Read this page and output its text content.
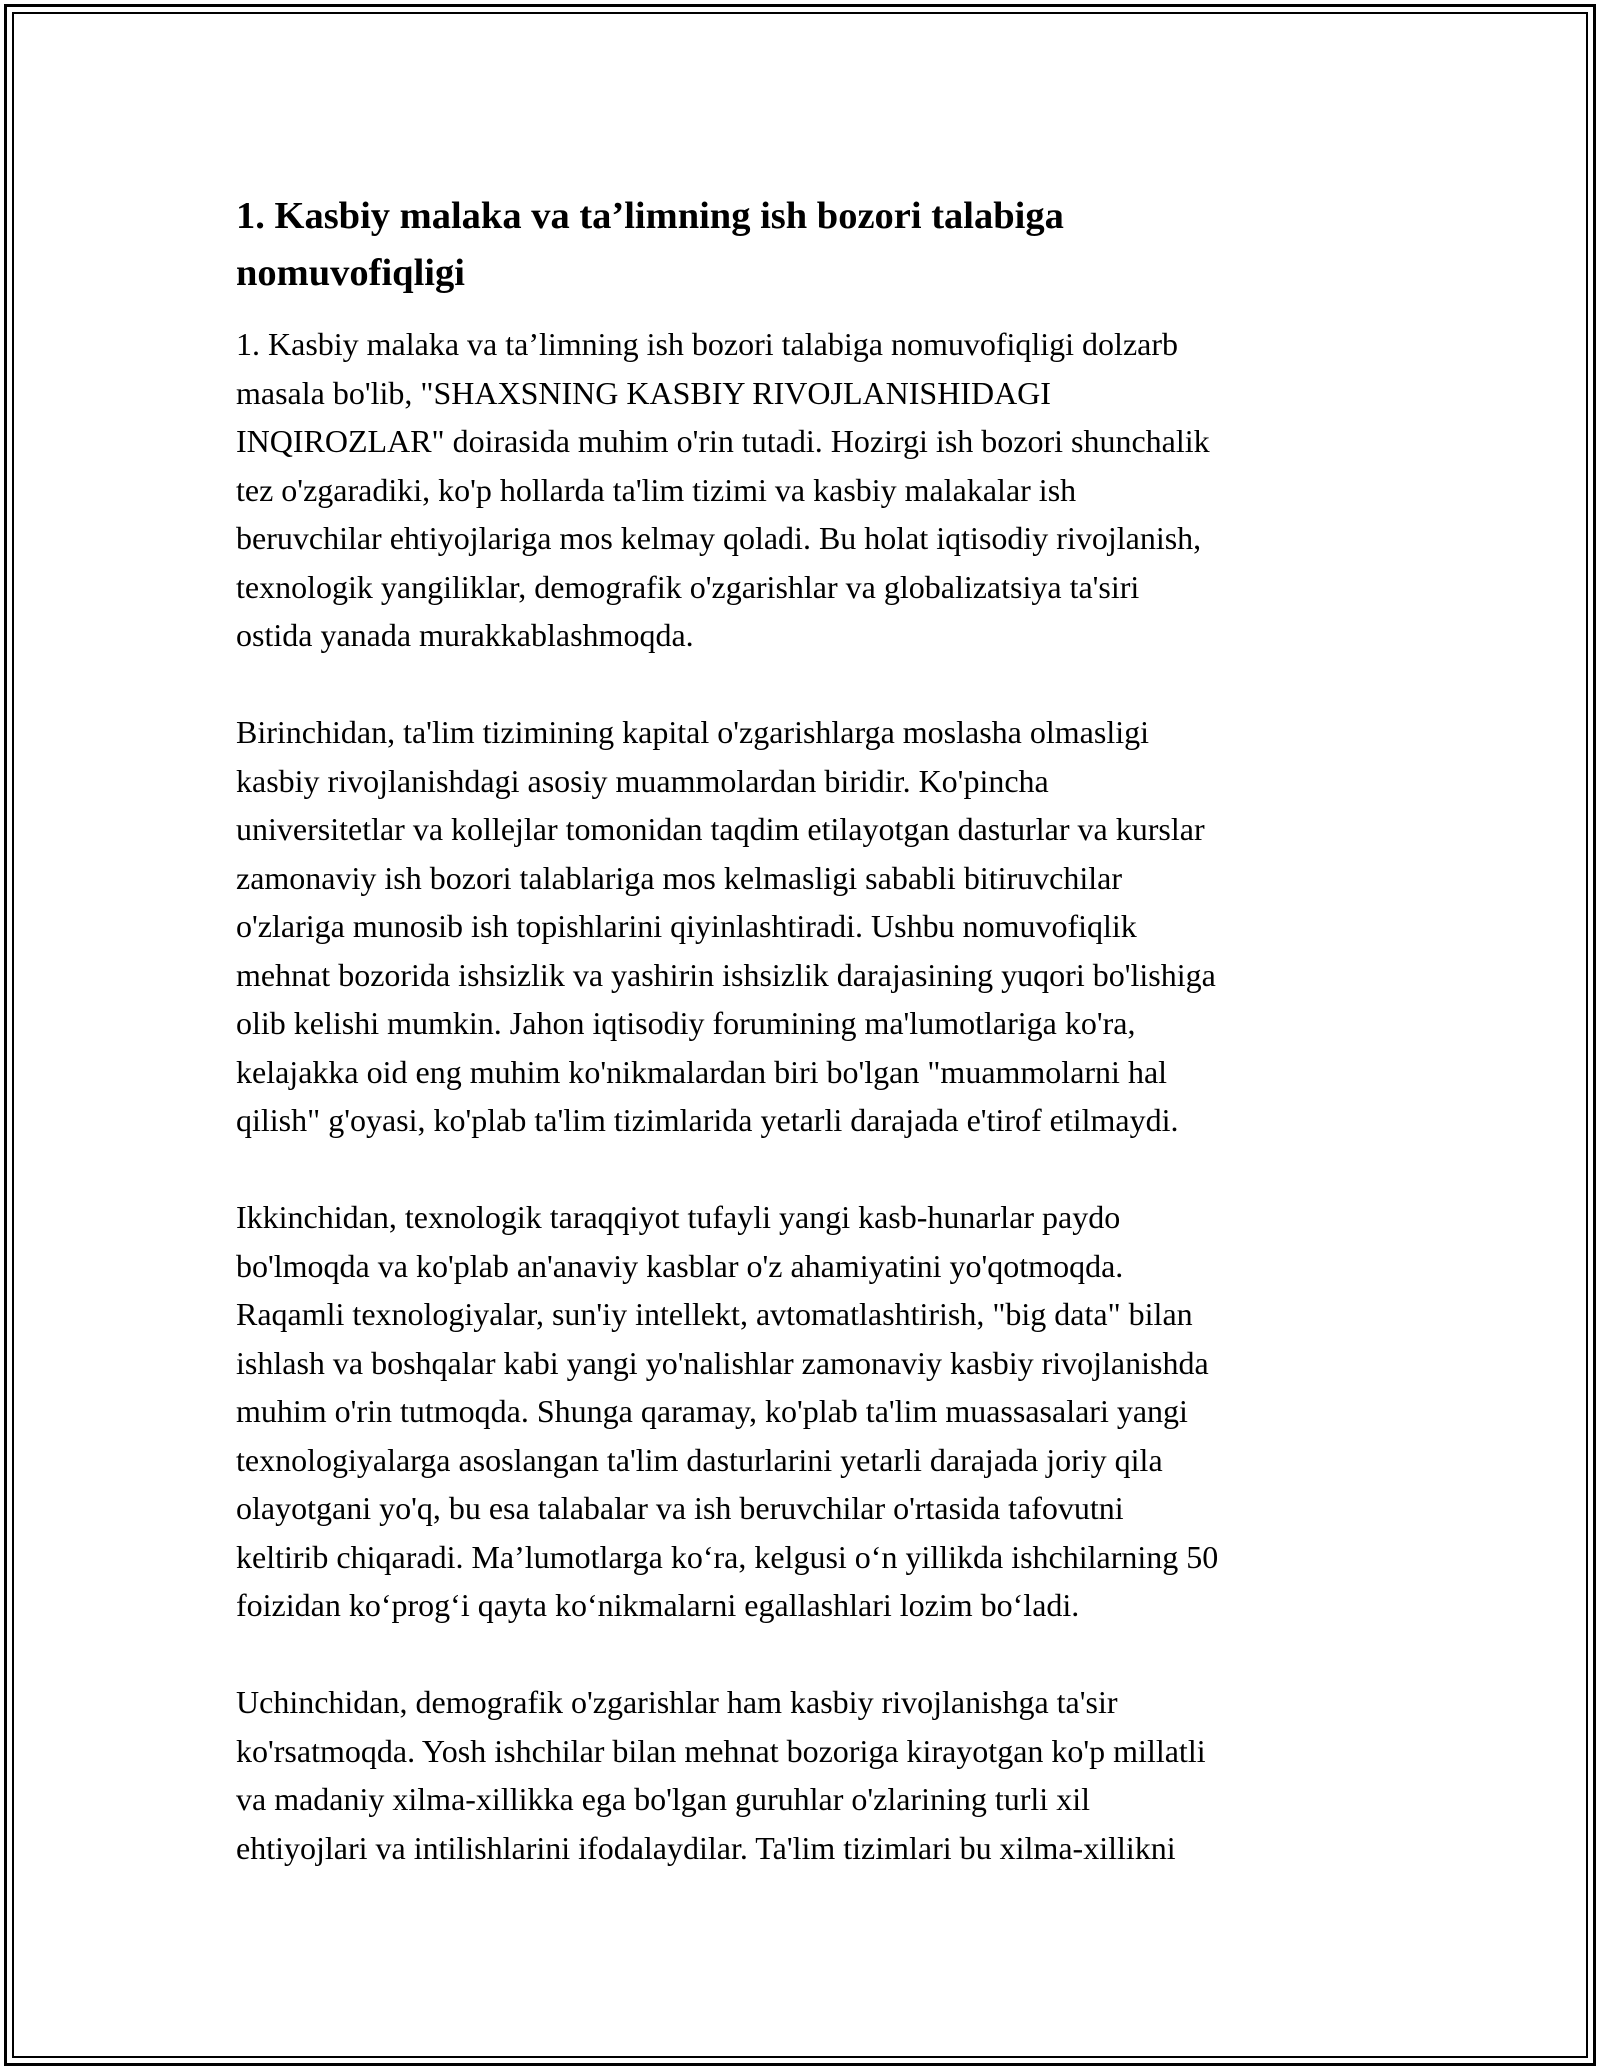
1. Kasbiy malaka va ta’limning ish bozori talabiga
nomuvofiqligi

1. Kasbiy malaka va ta’limning ish bozori talabiga nomuvofiqligi dolzarb
masala bo'lib, "SHAXSNING KASBIY RIVOJLANISHIDAGI
INQIROZLAR" doirasida muhim o'rin tutadi. Hozirgi ish bozori shunchalik
tez o'zgaradiki, ko'p hollarda ta'lim tizimi va kasbiy malakalar ish
beruvchilar ehtiyojlariga mos kelmay qoladi. Bu holat iqtisodiy rivojlanish,
texnologik yangiliklar, demografik o'zgarishlar va globalizatsiya ta'siri
ostida yanada murakkablashmoqda.

Birinchidan, ta'lim tizimining kapital o'zgarishlarga moslasha olmasligi
kasbiy rivojlanishdagi asosiy muammolardan biridir. Ko'pincha
universitetlar va kollejlar tomonidan taqdim etilayotgan dasturlar va kurslar
zamonaviy ish bozori talablariga mos kelmasligi sababli bitiruvchilar
o'zlariga munosib ish topishlarini qiyinlashtiradi. Ushbu nomuvofiqlik
mehnat bozorida ishsizlik va yashirin ishsizlik darajasining yuqori bo'lishiga
olib kelishi mumkin. Jahon iqtisodiy forumining ma'lumotlariga ko'ra,
kelajakka oid eng muhim ko'nikmalardan biri bo'lgan "muammolarni hal
qilish" g'oyasi, ko'plab ta'lim tizimlarida yetarli darajada e'tirof etilmaydi.

Ikkinchidan, texnologik taraqqiyot tufayli yangi kasb-hunarlar paydo
bo'lmoqda va ko'plab an'anaviy kasblar o'z ahamiyatini yo'qotmoqda.
Raqamli texnologiyalar, sun'iy intellekt, avtomatlashtirish, "big data" bilan
ishlash va boshqalar kabi yangi yo'nalishlar zamonaviy kasbiy rivojlanishda
muhim o'rin tutmoqda. Shunga qaramay, ko'plab ta'lim muassasalari yangi
texnologiyalarga asoslangan ta'lim dasturlarini yetarli darajada joriy qila
olayotgani yo'q, bu esa talabalar va ish beruvchilar o'rtasida tafovutni
keltirib chiqaradi. Ma’lumotlarga ko‘ra, kelgusi o‘n yillikda ishchilarning 50
foizidan ko‘prog‘i qayta ko‘nikmalarni egallashlari lozim bo‘ladi.

Uchinchidan, demografik o'zgarishlar ham kasbiy rivojlanishga ta'sir
ko'rsatmoqda. Yosh ishchilar bilan mehnat bozoriga kirayotgan ko'p millatli
va madaniy xilma-xillikka ega bo'lgan guruhlar o'zlarining turli xil
ehtiyojlari va intilishlarini ifodalaydilar. Ta'lim tizimlari bu xilma-xillikni
